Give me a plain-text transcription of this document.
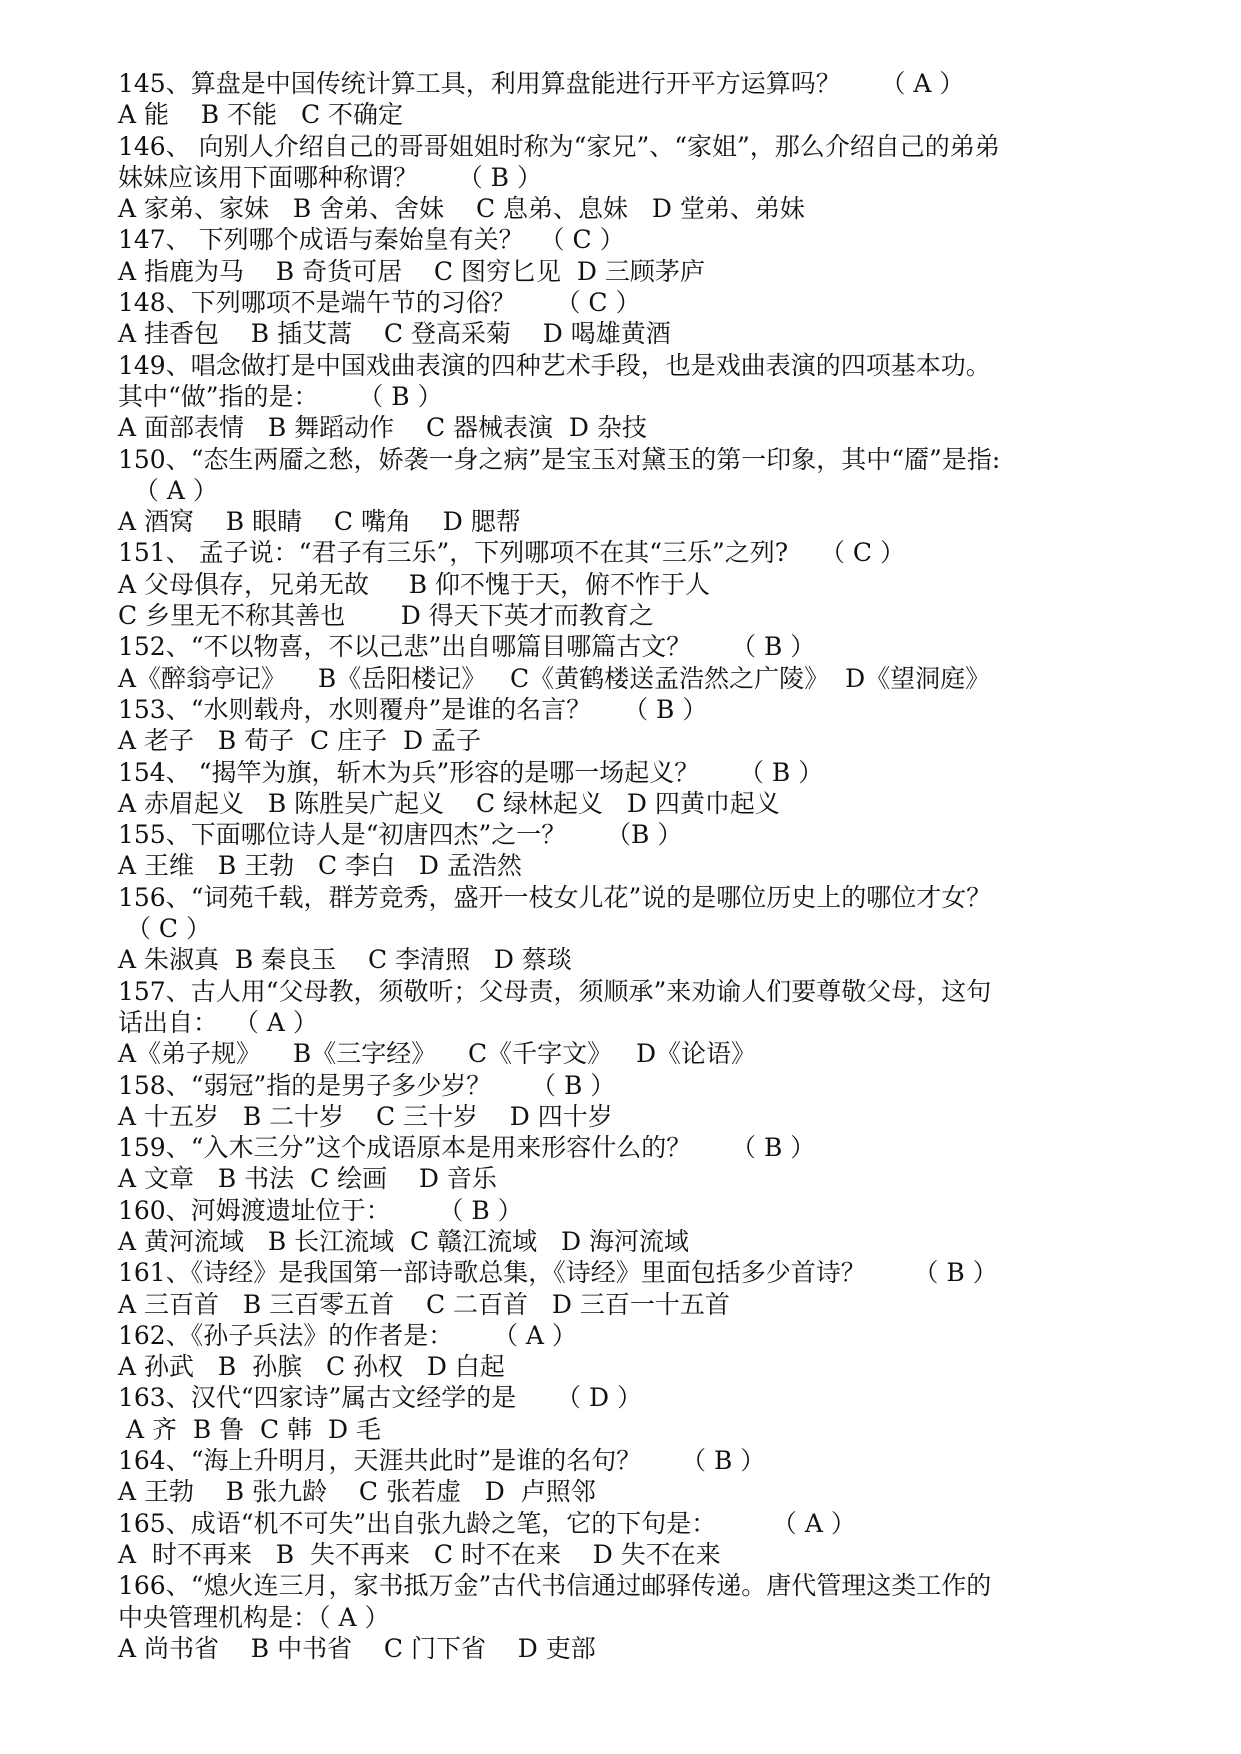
145、算盘是中国传统计算工具，利用算盘能进行开平方运算吗？     （ A ）
A 能    B 不能   C 不确定
146、 向别人介绍自己的哥哥姐姐时称为“家兄”、“家姐”，那么介绍自己的弟弟
妹妹应该用下面哪种称谓？     （ B ）
A 家弟、家妹   B 舍弟、舍妹    C 息弟、息妹   D 堂弟、弟妹
147、 下列哪个成语与秦始皇有关？  （ C ）
A 指鹿为马    B 奇货可居    C 图穷匕见  D 三顾茅庐
148、下列哪项不是端午节的习俗？     （ C ）
A 挂香包    B 插艾蒿    C 登高采菊    D 喝雄黄酒
149、唱念做打是中国戏曲表演的四种艺术手段，也是戏曲表演的四项基本功。
其中“做”指的是：     （ B ）
A 面部表情   B 舞蹈动作    C 器械表演  D 杂技
150、“态生两靥之愁，娇袭一身之病”是宝玉对黛玉的第一印象，其中“靥”是指:
（ A ）
A 酒窝    B 眼睛    C 嘴角    D 腮帮
151、 孟子说：“君子有三乐”，下列哪项不在其“三乐”之列?    （ C ）
A 父母俱存，兄弟无故     B 仰不愧于天，俯不怍于人
C 乡里无不称其善也       D 得天下英才而教育之
152、“不以物喜，不以己悲”出自哪篇目哪篇古文？     （ B ）
A《醉翁亭记》    B《岳阳楼记》   C《黄鹤楼送孟浩然之广陵》  D《望洞庭》
153、“水则载舟，水则覆舟”是谁的名言？    （ B ）
A 老子   B 荀子  C 庄子  D 孟子
154、 “揭竿为旗，斩木为兵”形容的是哪一场起义？     （ B ）
A 赤眉起义   B 陈胜吴广起义    C 绿林起义   D 四黄巾起义
155、下面哪位诗人是“初唐四杰”之一？     （B ）
A 王维   B 王勃   C 李白   D 孟浩然
156、“词苑千载，群芳竞秀，盛开一枝女儿花”说的是哪位历史上的哪位才女？
（ C ）
A 朱淑真  B 秦良玉    C 李清照   D 蔡琰
157、古人用“父母教，须敬听；父母责，须顺承”来劝谕人们要尊敬父母，这句
话出自：  （ A ）
A《弟子规》    B《三字经》    C《千字文》   D《论语》
158、“弱冠”指的是男子多少岁？     （ B ）
A 十五岁   B 二十岁    C 三十岁    D 四十岁
159、“入木三分”这个成语原本是用来形容什么的？     （ B ）
A 文章   B 书法  C 绘画    D 音乐
160、河姆渡遗址位于：      （ B ）
A 黄河流域   B 长江流域  C 赣江流域   D 海河流域
161、《诗经》是我国第一部诗歌总集，《诗经》里面包括多少首诗？      （ B ）
A 三百首   B 三百零五首    C 二百首   D 三百一十五首
162、《孙子兵法》的作者是：     （ A ）
A 孙武   B  孙膑   C 孙权   D 白起
163、汉代“四家诗”属古文经学的是     （ D ）
A 齐  B 鲁  C 韩  D 毛
164、“海上升明月，天涯共此时”是谁的名句？     （ B ）
A 王勃    B 张九龄    C 张若虚   D  卢照邻
165、成语“机不可失”出自张九龄之笔，它的下句是：       （ A ）
A  时不再来   B  失不再来   C 时不在来    D 失不在来
166、“熄火连三月，家书抵万金”古代书信通过邮驿传递。唐代管理这类工作的
中央管理机构是：（ A ）
A 尚书省    B 中书省    C 门下省    D 吏部
